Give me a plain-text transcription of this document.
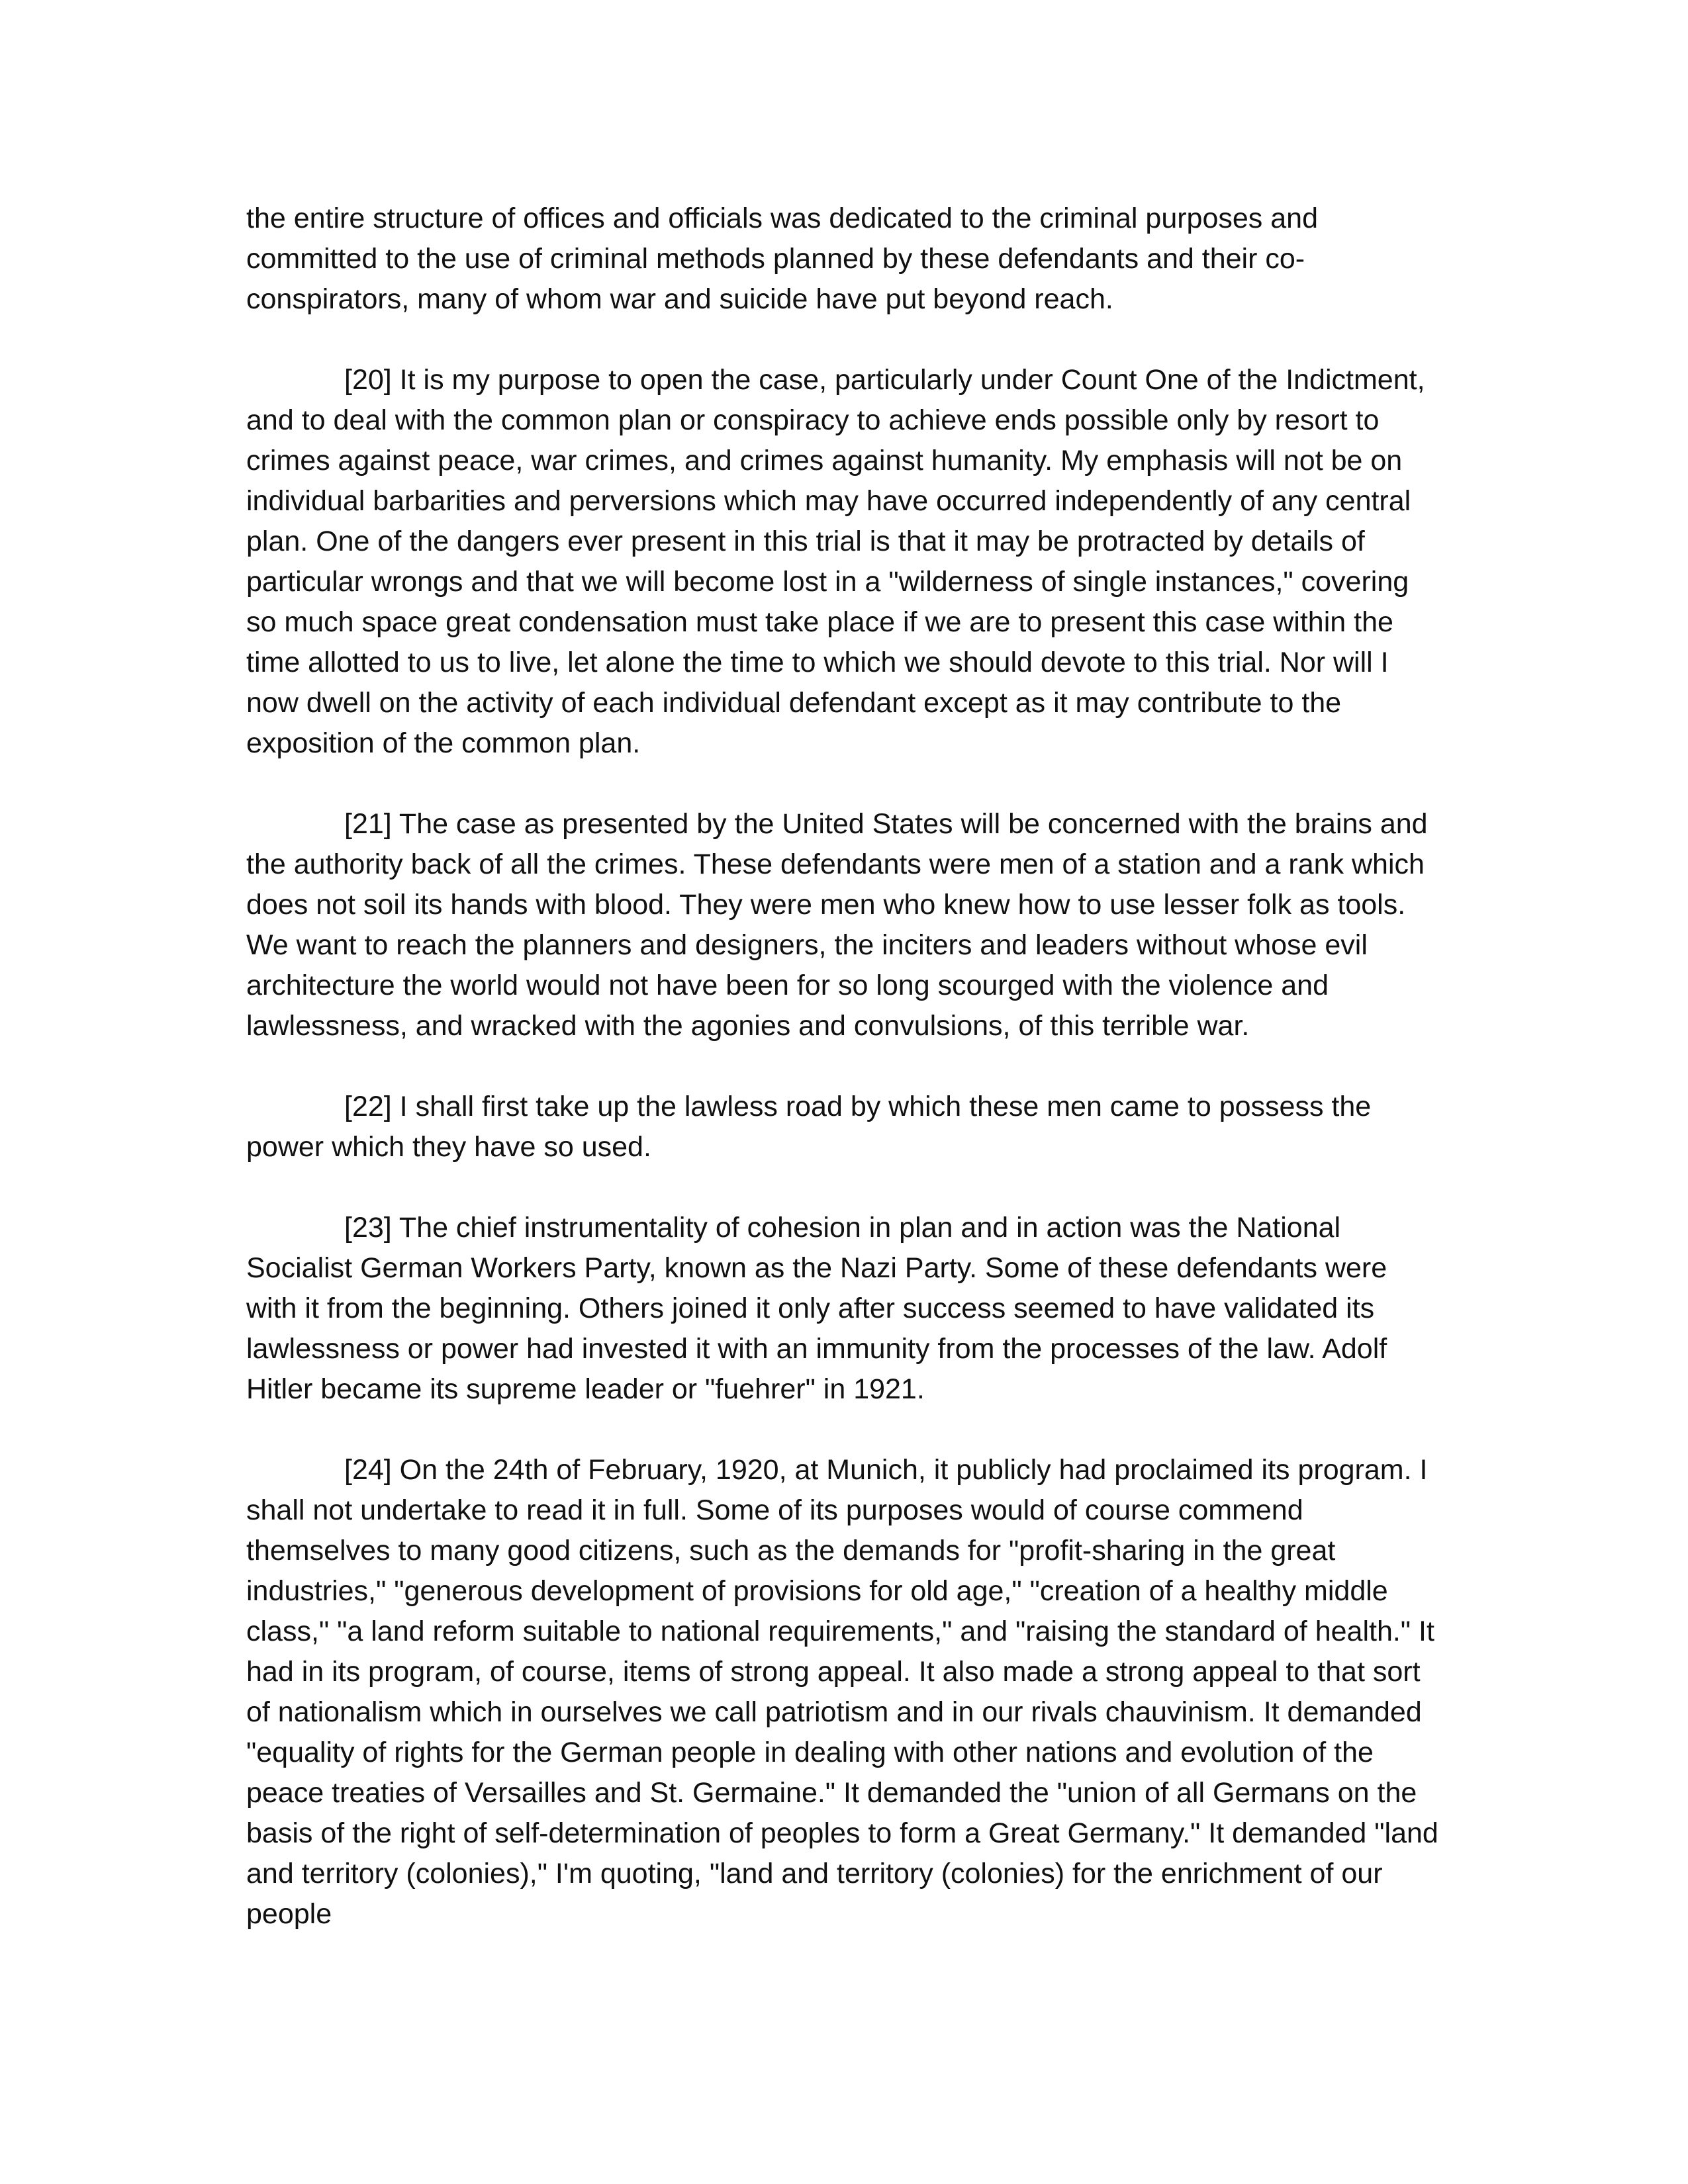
the entire structure of offices and officials was dedicated to the criminal purposes and committed to the use of criminal methods planned by these defendants and their co-conspirators, many of whom war and suicide have put beyond reach.

[20] It is my purpose to open the case, particularly under Count One of the Indictment, and to deal with the common plan or conspiracy to achieve ends possible only by resort to crimes against peace, war crimes, and crimes against humanity. My emphasis will not be on individual barbarities and perversions which may have occurred independently of any central plan. One of the dangers ever present in this trial is that it may be protracted by details of particular wrongs and that we will become lost in a "wilderness of single instances," covering so much space great condensation must take place if we are to present this case within the time allotted to us to live, let alone the time to which we should devote to this trial. Nor will I now dwell on the activity of each individual defendant except as it may contribute to the exposition of the common plan.

[21] The case as presented by the United States will be concerned with the brains and the authority back of all the crimes. These defendants were men of a station and a rank which does not soil its hands with blood. They were men who knew how to use lesser folk as tools. We want to reach the planners and designers, the inciters and leaders without whose evil architecture the world would not have been for so long scourged with the violence and lawlessness, and wracked with the agonies and convulsions, of this terrible war.

[22] I shall first take up the lawless road by which these men came to possess the power which they have so used.

[23] The chief instrumentality of cohesion in plan and in action was the National Socialist German Workers Party, known as the Nazi Party. Some of these defendants were with it from the beginning. Others joined it only after success seemed to have validated its lawlessness or power had invested it with an immunity from the processes of the law. Adolf Hitler became its supreme leader or "fuehrer" in 1921.

[24] On the 24th of February, 1920, at Munich, it publicly had proclaimed its program. I shall not undertake to read it in full. Some of its purposes would of course commend themselves to many good citizens, such as the demands for "profit-sharing in the great industries," "generous development of provisions for old age," "creation of a healthy middle class," "a land reform suitable to national requirements," and "raising the standard of health." It had in its program, of course, items of strong appeal. It also made a strong appeal to that sort of nationalism which in ourselves we call patriotism and in our rivals chauvinism. It demanded "equality of rights for the German people in dealing with other nations and evolution of the peace treaties of Versailles and St. Germaine." It demanded the "union of all Germans on the basis of the right of self-determination of peoples to form a Great Germany." It demanded "land and territory (colonies)," I'm quoting, "land and territory (colonies) for the enrichment of our people
